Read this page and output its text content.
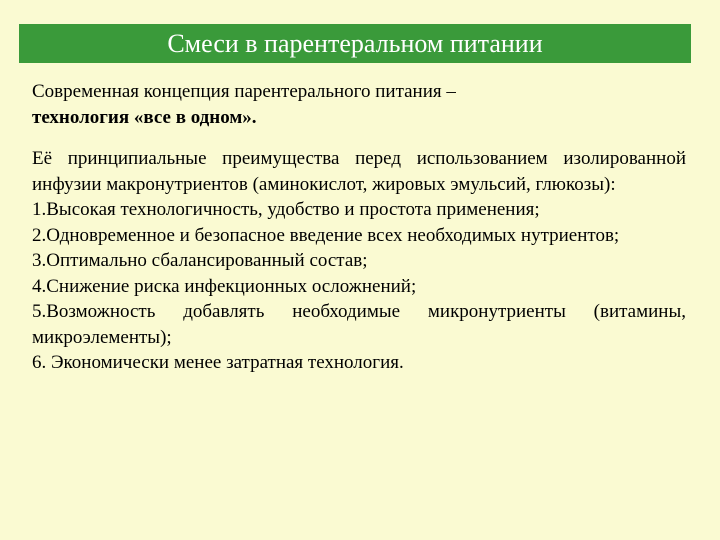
Смеси в парентеральном питании
Современная концепция парентерального питания –
технология «все в одном».

Её принципиальные преимущества перед использованием изолированной инфузии макронутриентов (аминокислот, жировых эмульсий, глюкозы):

1.Высокая технологичность, удобство и простота применения;

2.Одновременное и безопасное введение всех необходимых нутриентов;

3.Оптимально сбалансированный состав;

4.Снижение риска инфекционных осложнений;

5.Возможность добавлять необходимые микронутриенты (витамины, микроэлементы);

6. Экономически менее затратная технология.
